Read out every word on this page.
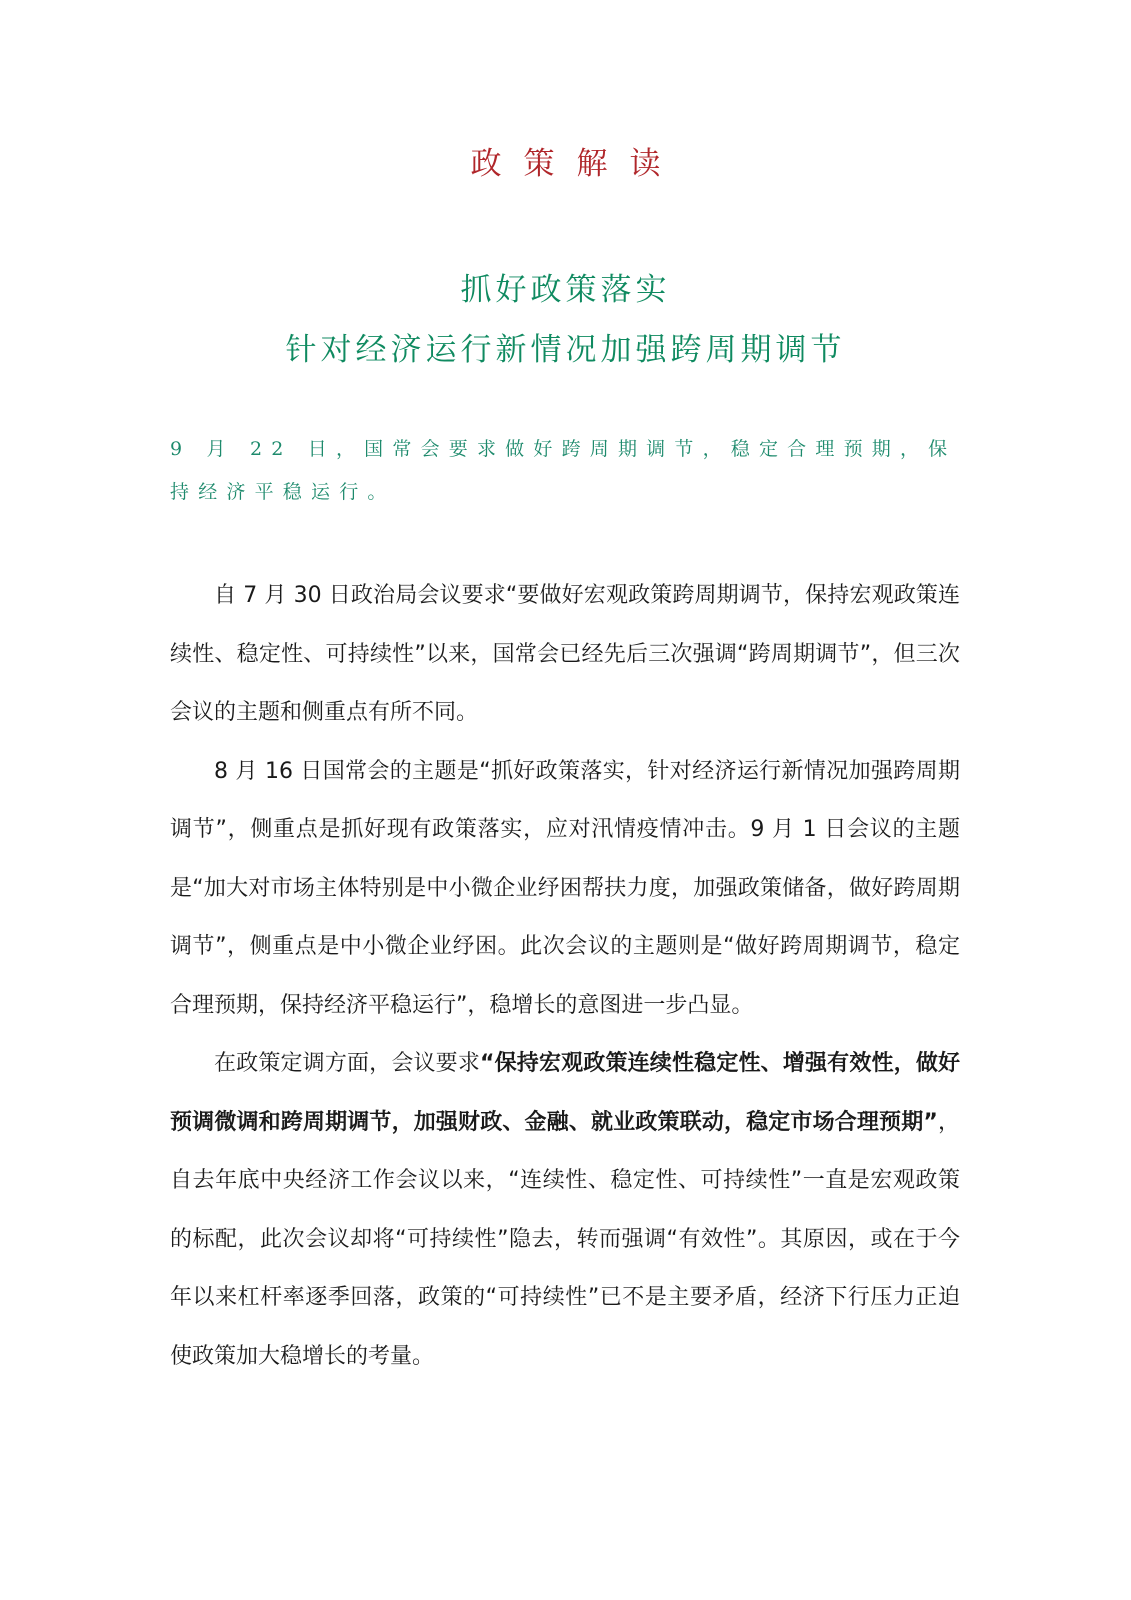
政策解读
抓好政策落实
针对经济运行新情况加强跨周期调节
9 月 22 日，国常会要求做好跨周期调节，稳定合理预期，保持经济平稳运行。

自 7 月 30 日政治局会议要求“要做好宏观政策跨周期调节，保持宏观政策连续性、稳定性、可持续性”以来，国常会已经先后三次强调“跨周期调节”，但三次会议的主题和侧重点有所不同。

8 月 16 日国常会的主题是“抓好政策落实，针对经济运行新情况加强跨周期调节”，侧重点是抓好现有政策落实，应对汛情疫情冲击。9 月 1 日会议的主题是“加大对市场主体特别是中小微企业纾困帮扶力度，加强政策储备，做好跨周期调节”，侧重点是中小微企业纾困。此次会议的主题则是“做好跨周期调节，稳定合理预期，保持经济平稳运行”，稳增长的意图进一步凸显。

在政策定调方面，会议要求“保持宏观政策连续性稳定性、增强有效性，做好预调微调和跨周期调节，加强财政、金融、就业政策联动，稳定市场合理预期”，自去年底中央经济工作会议以来，“连续性、稳定性、可持续性”一直是宏观政策的标配，此次会议却将“可持续性”隐去，转而强调“有效性”。其原因，或在于今年以来杠杆率逐季回落，政策的“可持续性”已不是主要矛盾，经济下行压力正迫使政策加大稳增长的考量。
